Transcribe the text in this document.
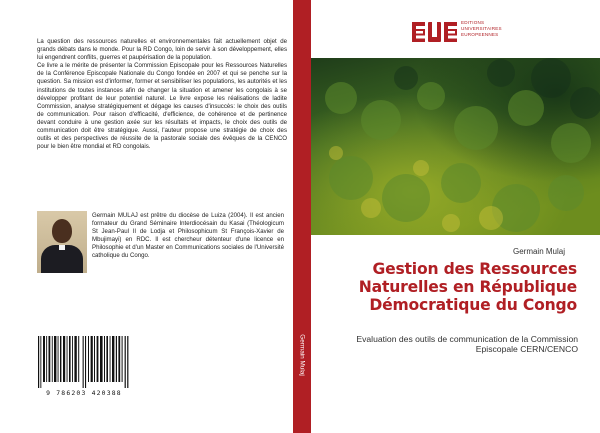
La question des ressources naturelles et environnementales fait actuellement objet de grands débats dans le monde. Pour la RD Congo, loin de servir à son développement, elles lui engendrent conflits, guerres et paupérisation de la population.

Ce livre a le mérite de présenter la Commission Episcopale pour les Ressources Naturelles de la Conférence Episcopale Nationale du Congo fondée en 2007 et qui se penche sur la question. Sa mission est d'informer, former et sensibiliser les populations, les autorités et les institutions de toutes instances afin de changer la situation et amener les congolais à se développer profitant de leur potentiel naturel. Le livre expose les réalisations de ladite Commission, analyse stratégiquement et dégage les causes d'insuccès: le choix des outils de communication. Pour raison d'efficacité, d'efficience, de cohérence et de pertinence devant conduire à une gestion axée sur les résultats et impacts, le choix des outils de communication doit être stratégique. Aussi, l'auteur propose une stratégie de choix des outils et des perspectives de réussite de la pastorale sociale des évêques de la CENCO pour le bien être mondial et RD congolais.

Germain MULAJ est prêtre du diocèse de Luiza (2004). Il est ancien formateur du Grand Séminaire Interdiocésain du Kasai (Théologicum St Jean-Paul II de Lodja et Philosophicum St François-Xavier de Mbujimayi) en RDC. Il est chercheur détenteur d'une licence en Philosophie et d'un Master en Communications sociales de l'Université catholique du Congo.
9 786203 420388
Germain Mulaj
EDITIONS
UNIVERSITAIRES
EUROPEENNES
Germain Mulaj
Gestion des Ressources Naturelles en République Démocratique du Congo
Evaluation des outils de communication de la Commission Episcopale CERN/CENCO
